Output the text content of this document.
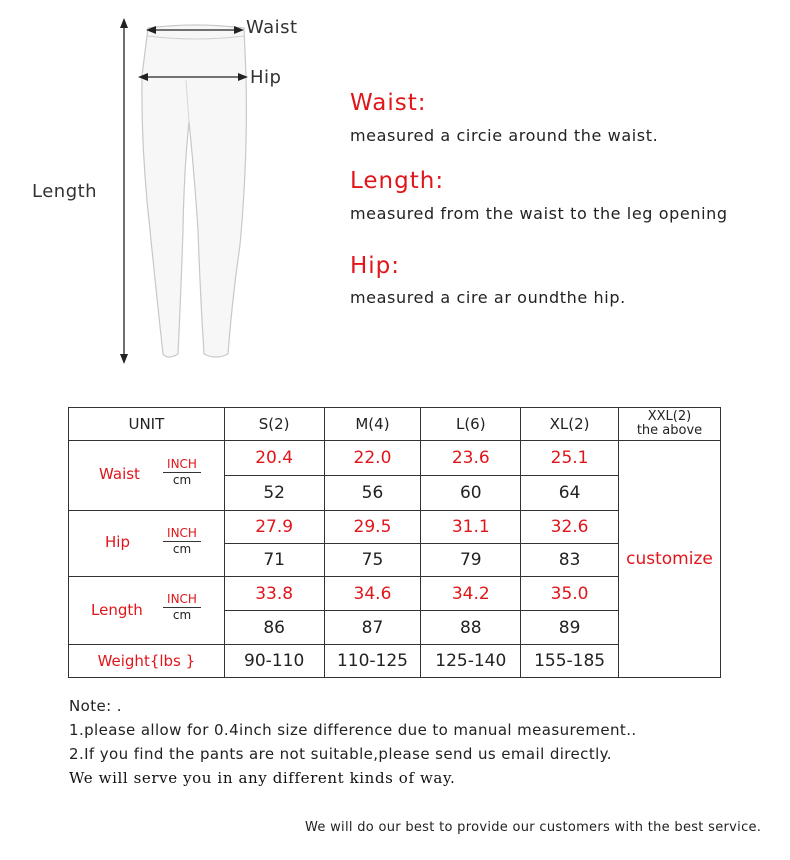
Waist
Hip
Length
Waist:
measured a circie around the waist.
Length:
measured from the waist to the leg opening
Hip:
measured a cire ar oundthe hip.
UNIT	S(2)	M(4)	L(6)	XL(2)	XXL(2)
the above

Waist
INCH
cm	20.4	22.0	23.6	25.1	customize
	52	56	60	64	

Hip INCH
cm	27.9	29.5	31.1	32.6	
	71	75	79	83	

Length
INCH
cm	33.8	34.6	34.2	35.0	
	86	87	88	89	
Weight{lbs }	90-110	110-125	125-140	155-185	
Note: .
1.please allow for 0.4inch size difference due to manual measurement..
2.If you find the pants are not suitable,please send us email directly.
We will serve you in any different kinds of way.
We will do our best to provide our customers with the best service.
